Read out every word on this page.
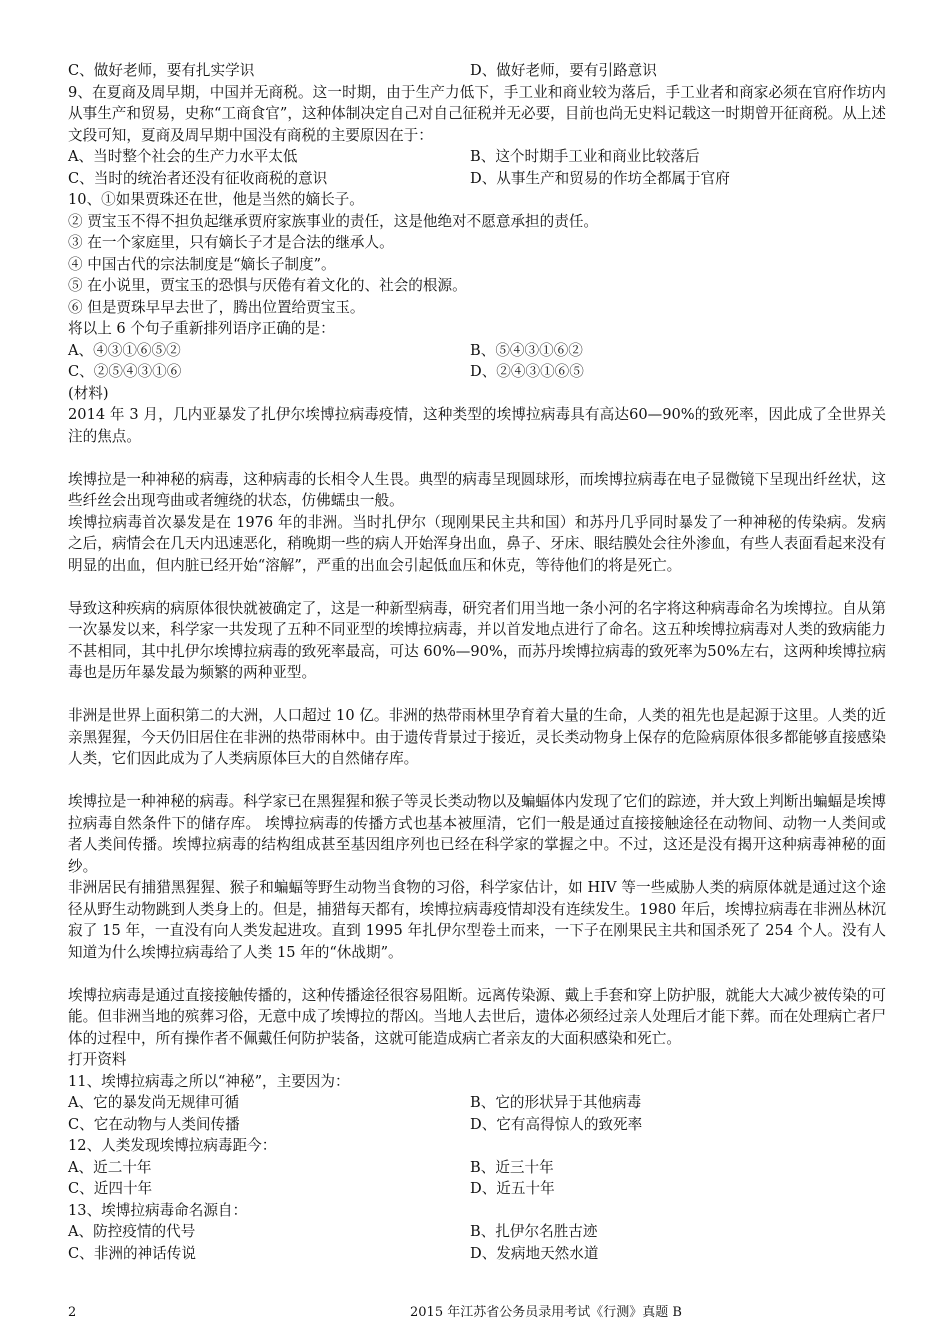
C、做好老师，要有扎实学识	D、做好老师，要有引路意识
9、在夏商及周早期，中国并无商税。这一时期，由于生产力低下，手工业和商业较为落后，手工业者和商家必须在官府作坊内从事生产和贸易，史称“工商食官”，这种体制决定自己对自己征税并无必要，目前也尚无史料记载这一时期曾开征商税。从上述文段可知，夏商及周早期中国没有商税的主要原因在于：
A、当时整个社会的生产力水平太低	B、这个时期手工业和商业比较落后
C、当时的统治者还没有征收商税的意识	D、从事生产和贸易的作坊全都属于官府
10、①如果贾珠还在世，他是当然的嫡长子。
② 贾宝玉不得不担负起继承贾府家族事业的责任，这是他绝对不愿意承担的责任。
③ 在一个家庭里，只有嫡长子才是合法的继承人。
④ 中国古代的宗法制度是“嫡长子制度”。
⑤ 在小说里，贾宝玉的恐惧与厌倦有着文化的、社会的根源。
⑥ 但是贾珠早早去世了，腾出位置给贾宝玉。
将以上 6 个句子重新排列语序正确的是：
A、④③①⑥⑤②	B、⑤④③①⑥②
C、②⑤④③①⑥	D、②④③①⑥⑤
(材料)
2014 年 3 月，几内亚暴发了扎伊尔埃博拉病毒疫情，这种类型的埃博拉病毒具有高达60—90%的致死率，因此成了全世界关注的焦点。
埃博拉是一种神秘的病毒，这种病毒的长相令人生畏。典型的病毒呈现圆球形，而埃博拉病毒在电子显微镜下呈现出纤丝状，这些纤丝会出现弯曲或者缠绕的状态，仿佛蠕虫一般。
埃博拉病毒首次暴发是在 1976 年的非洲。当时扎伊尔（现刚果民主共和国）和苏丹几乎同时暴发了一种神秘的传染病。发病之后，病情会在几天内迅速恶化，稍晚期一些的病人开始浑身出血，鼻子、牙床、眼结膜处会往外渗血，有些人表面看起来没有明显的出血，但内脏已经开始“溶解”，严重的出血会引起低血压和休克，等待他们的将是死亡。
导致这种疾病的病原体很快就被确定了，这是一种新型病毒，研究者们用当地一条小河的名字将这种病毒命名为埃博拉。自从第一次暴发以来，科学家一共发现了五种不同亚型的埃博拉病毒，并以首发地点进行了命名。这五种埃博拉病毒对人类的致病能力不甚相同，其中扎伊尔埃博拉病毒的致死率最高，可达 60%—90%，而苏丹埃博拉病毒的致死率为50%左右，这两种埃博拉病毒也是历年暴发最为频繁的两种亚型。
非洲是世界上面积第二的大洲，人口超过 10 亿。非洲的热带雨林里孕育着大量的生命，人类的祖先也是起源于这里。人类的近亲黑猩猩，今天仍旧居住在非洲的热带雨林中。由于遗传背景过于接近，灵长类动物身上保存的危险病原体很多都能够直接感染人类，它们因此成为了人类病原体巨大的自然储存库。
埃博拉是一种神秘的病毒。科学家已在黑猩猩和猴子等灵长类动物以及蝙蝠体内发现了它们的踪迹，并大致上判断出蝙蝠是埃博拉病毒自然条件下的储存库。 埃博拉病毒的传播方式也基本被厘清，它们一般是通过直接接触途径在动物间、动物一人类间或者人类间传播。埃博拉病毒的结构组成甚至基因组序列也已经在科学家的掌握之中。不过，这还是没有揭开这种病毒神秘的面纱。
非洲居民有捕猎黑猩猩、猴子和蝙蝠等野生动物当食物的习俗，科学家估计，如 HIV 等一些威胁人类的病原体就是通过这个途径从野生动物跳到人类身上的。但是，捕猎每天都有，埃博拉病毒疫情却没有连续发生。1980 年后，埃博拉病毒在非洲丛林沉寂了 15 年，一直没有向人类发起进攻。直到 1995 年扎伊尔型卷土而来，一下子在刚果民主共和国杀死了 254 个人。没有人知道为什么埃博拉病毒给了人类 15 年的“休战期”。
埃博拉病毒是通过直接接触传播的，这种传播途径很容易阻断。远离传染源、戴上手套和穿上防护服，就能大大减少被传染的可能。但非洲当地的殡葬习俗，无意中成了埃博拉的帮凶。当地人去世后，遗体必须经过亲人处理后才能下葬。而在处理病亡者尸体的过程中，所有操作者不佩戴任何防护装备，这就可能造成病亡者亲友的大面积感染和死亡。
打开资料
11、埃博拉病毒之所以“神秘”，主要因为：
A、它的暴发尚无规律可循	B、它的形状异于其他病毒
C、它在动物与人类间传播	D、它有高得惊人的致死率
12、人类发现埃博拉病毒距今：
A、近二十年	B、近三十年
C、近四十年	D、近五十年
13、埃博拉病毒命名源自：
A、防控疫情的代号	B、扎伊尔名胜古迹
C、非洲的神话传说	D、发病地天然水道
2	2015 年江苏省公务员录用考试《行测》真题 B
